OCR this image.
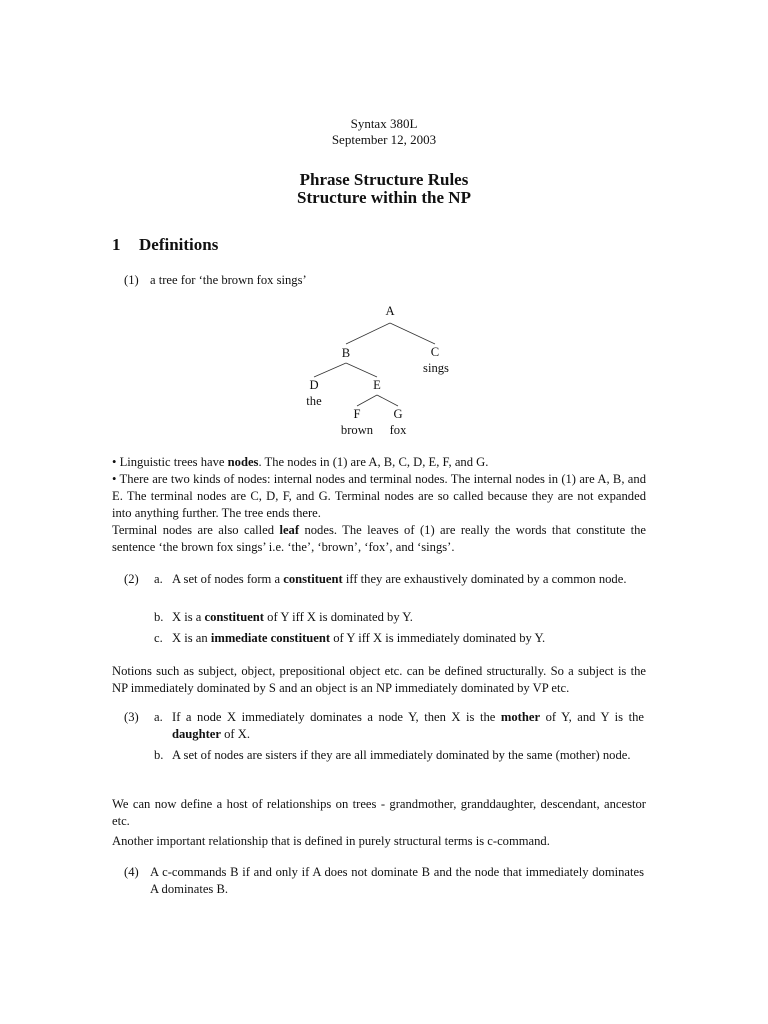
Syntax 380L
September 12, 2003
Phrase Structure Rules
Structure within the NP
1 Definitions
(1) a tree for ‘the brown fox sings’
A
B	C
D	E
F	G
the
brown fox
sings
• Linguistic trees have nodes. The nodes in (1) are A, B, C, D, E, F, and G.
• There are two kinds of nodes: internal nodes and terminal nodes. The internal nodes in (1) are A, B, and E. The terminal nodes are C, D, F, and G. Terminal nodes are so called because they are not expanded into anything further. The tree ends there.
Terminal nodes are also called leaf nodes. The leaves of (1) are really the words that constitute the sentence ‘the brown fox sings’ i.e. ‘the’, ‘brown’, ‘fox’, and ‘sings’.
(2) a. A set of nodes form a constituent iff they are exhaustively dominated by a common node.
b. X is a constituent of Y iff X is dominated by Y.
c. X is an immediate constituent of Y iff X is immediately dominated by Y.
Notions such as subject, object, prepositional object etc. can be defined structurally. So a subject is the NP immediately dominated by S and an object is an NP immediately dominated by VP etc.
(3) a. If a node X immediately dominates a node Y, then X is the mother of Y, and Y is the daughter of X.
b. A set of nodes are sisters if they are all immediately dominated by the same (mother) node.
We can now define a host of relationships on trees - grandmother, granddaughter, descendant, ancestor etc.
Another important relationship that is defined in purely structural terms is c-command.
(4) A c-commands B if and only if A does not dominate B and the node that immediately dominates A dominates B.
